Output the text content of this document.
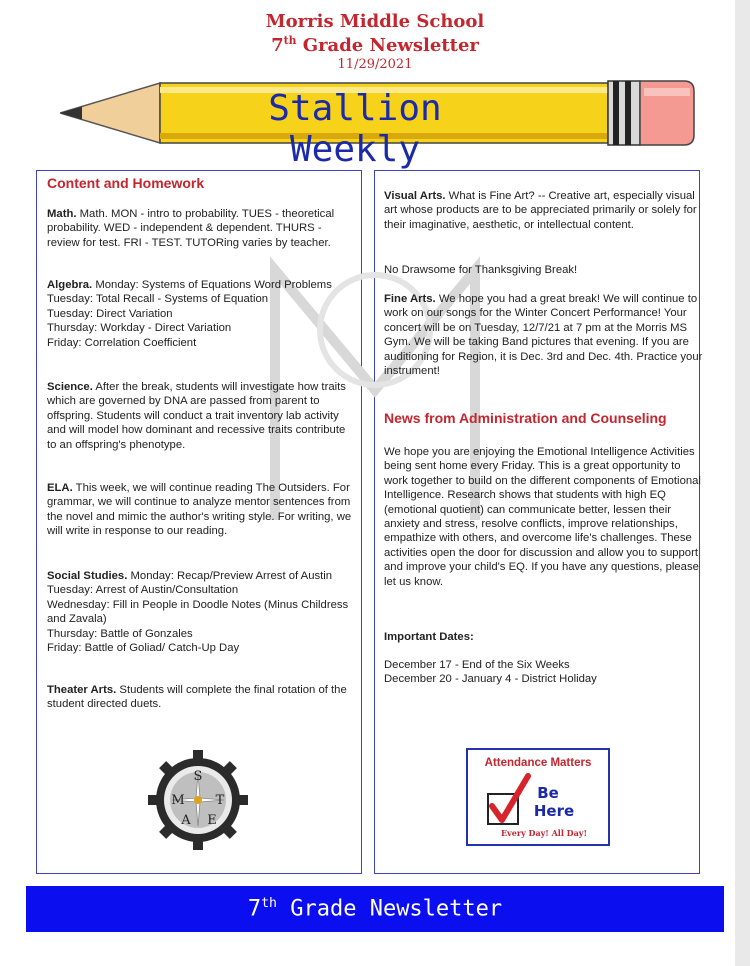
Morris Middle School
7th Grade Newsletter
11/29/2021
Stallion Weekly
Content and Homework

Math. Math. MON - intro to probability. TUES - theoretical probability. WED - independent & dependent. THURS - review for test. FRI - TEST. TUTORing varies by teacher.

Algebra. Monday: Systems of Equations Word Problems
Tuesday: Total Recall - Systems of Equation
Tuesday: Direct Variation
Thursday: Workday - Direct Variation
Friday: Correlation Coefficient

Science. After the break, students will investigate how traits which are governed by DNA are passed from parent to offspring. Students will conduct a trait inventory lab activity and will model how dominant and recessive traits contribute to an offspring's phenotype.

ELA. This week, we will continue reading The Outsiders. For grammar, we will continue to analyze mentor sentences from the novel and mimic the author's writing style. For writing, we will write in response to our reading.

Social Studies. Monday: Recap/Preview Arrest of Austin
Tuesday: Arrest of Austin/Consultation
Wednesday: Fill in People in Doodle Notes (Minus Childress and Zavala)
Thursday: Battle of Gonzales
Friday: Battle of Goliad/ Catch-Up Day

Theater Arts. Students will complete the final rotation of the student directed duets.

S
M T
A E

Visual Arts. What is Fine Art? -- Creative art, especially visual art whose products are to be appreciated primarily or solely for their imaginative, aesthetic, or intellectual content.

No Drawsome for Thanksgiving Break!

Fine Arts. We hope you had a great break! We will continue to work on our songs for the Winter Concert Performance! Your concert will be on Tuesday, 12/7/21 at 7 pm at the Morris MS Gym. We will be taking Band pictures that evening. If you are auditioning for Region, it is Dec. 3rd and Dec. 4th. Practice your instrument!

News from Administration and Counseling

We hope you are enjoying the Emotional Intelligence Activities being sent home every Friday. This is a great opportunity to work together to build on the different components of Emotional Intelligence. Research shows that students with high EQ (emotional quotient) can communicate better, lessen their anxiety and stress, resolve conflicts, improve relationships, empathize with others, and overcome life's challenges. These activities open the door for discussion and allow you to support and improve your child's EQ. If you have any questions, please let us know.

Important Dates:

December 17 - End of the Six Weeks
December 20 - January 4 - District Holiday

Attendance Matters
Be
Here
Every Day! All Day!
7th Grade Newsletter
